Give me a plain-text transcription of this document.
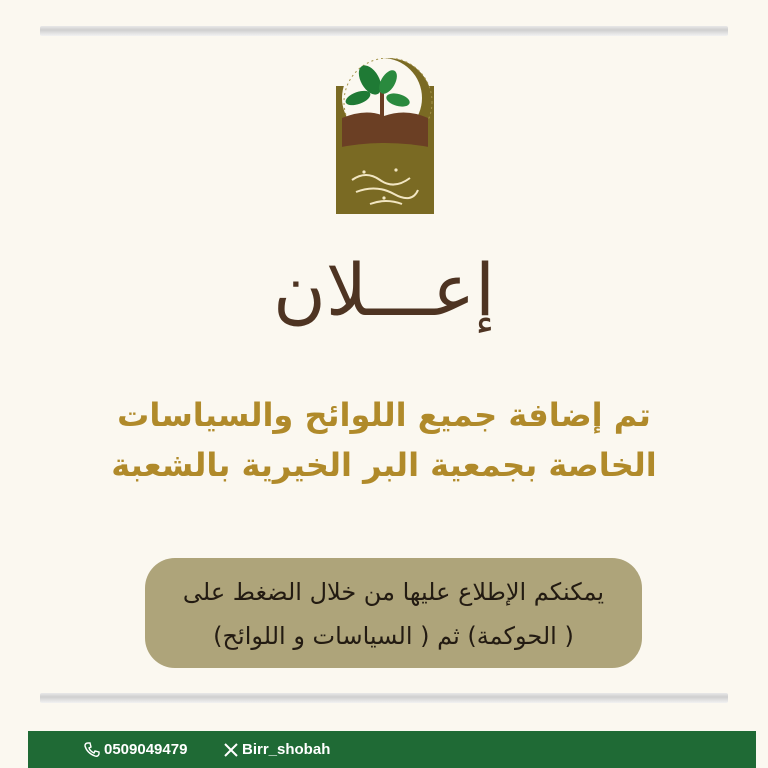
إعـــلان
تم إضافة جميع اللوائح والسياسات
الخاصة بجمعية البر الخيرية بالشعبة
يمكنكم الإطلاع عليها من خلال الضغط على
( الحوكمة) ثم ( السياسات و اللوائح)
0509049479	Birr_shobah
